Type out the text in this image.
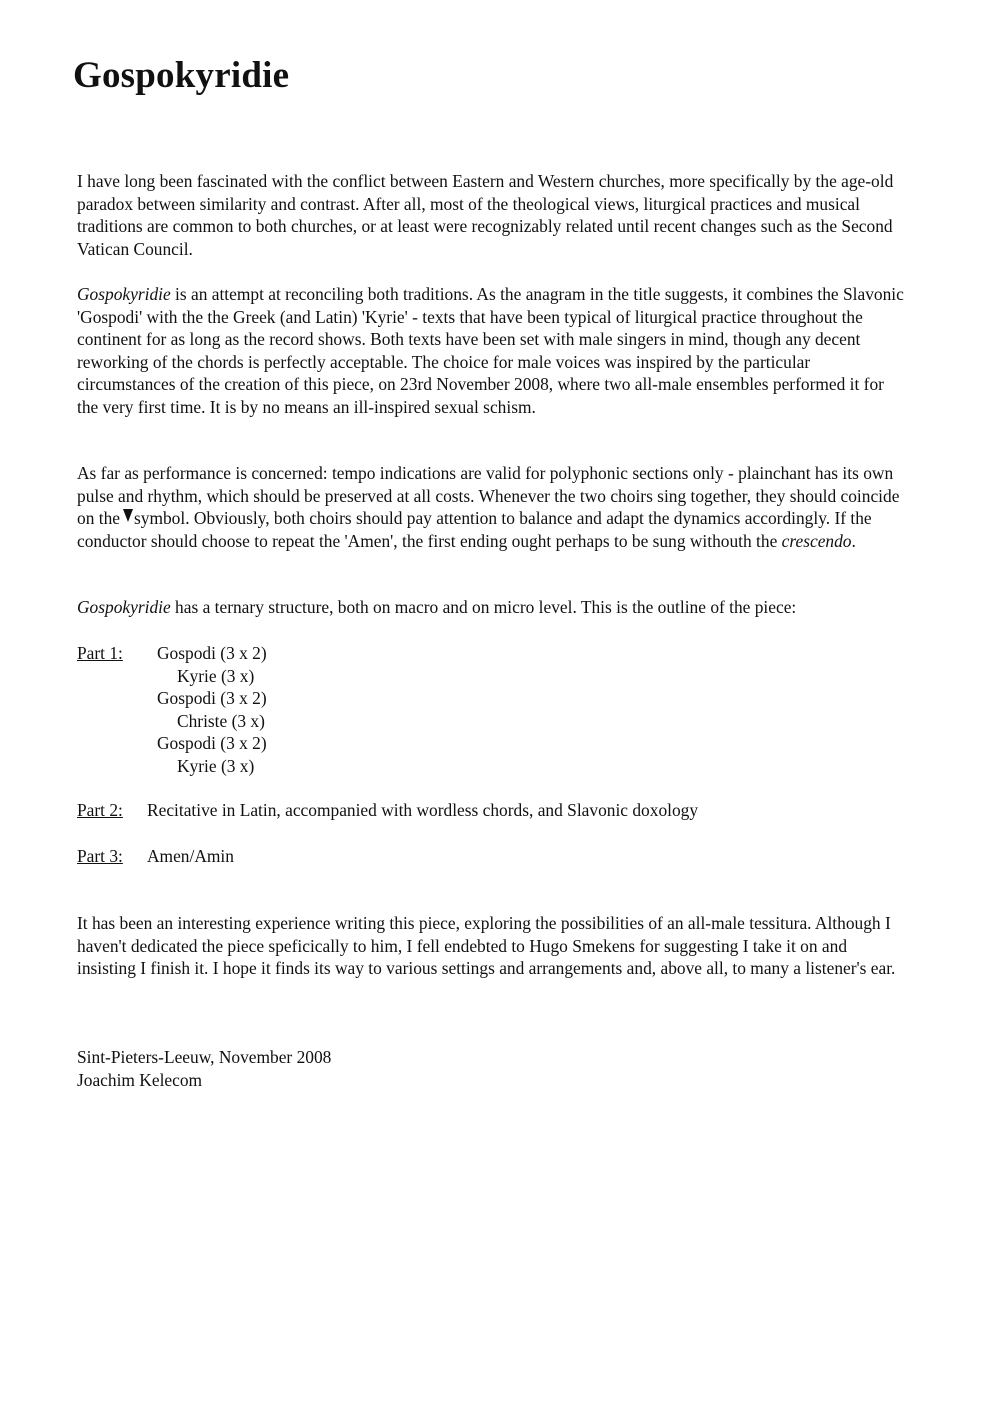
Gospokyridie

I have long been fascinated with the conflict between Eastern and Western churches, more specifically by the age-old paradox between similarity and contrast. After all, most of the theological views, liturgical practices and musical traditions are common to both churches, or at least were recognizably related until recent changes such as the Second Vatican Council.

Gospokyridie is an attempt at reconciling both traditions. As the anagram in the title suggests, it combines the Slavonic 'Gospodi' with the the Greek (and Latin) 'Kyrie' - texts that have been typical of liturgical practice throughout the continent for as long as the record shows. Both texts have been set with male singers in mind, though any decent reworking of the chords is perfectly acceptable. The choice for male voices was inspired by the particular circumstances of the creation of this piece, on 23rd November 2008, where two all-male ensembles performed it for the very first time. It is by no means an ill-inspired sexual schism.

As far as performance is concerned: tempo indications are valid for polyphonic sections only - plainchant has its own pulse and rhythm, which should be preserved at all costs. Whenever the two choirs sing together, they should coincide on the symbol. Obviously, both choirs should pay attention to balance and adapt the dynamics accordingly. If the conductor should choose to repeat the 'Amen', the first ending ought perhaps to be sung withouth the crescendo.

Gospokyridie has a ternary structure, both on macro and on micro level. This is the outline of the piece:

Part 1: Gospodi (3 x 2)
Kyrie (3 x)
Gospodi (3 x 2)
Christe (3 x)
Gospodi (3 x 2)
Kyrie (3 x)
Part 2: Recitative in Latin, accompanied with wordless chords, and Slavonic doxology
Part 3: Amen/Amin

It has been an interesting experience writing this piece, exploring the possibilities of an all-male tessitura. Although I haven't dedicated the piece speficically to him, I fell endebted to Hugo Smekens for suggesting I take it on and insisting I finish it. I hope it finds its way to various settings and arrangements and, above all, to many a listener's ear.

Sint-Pieters-Leeuw, November 2008
Joachim Kelecom
